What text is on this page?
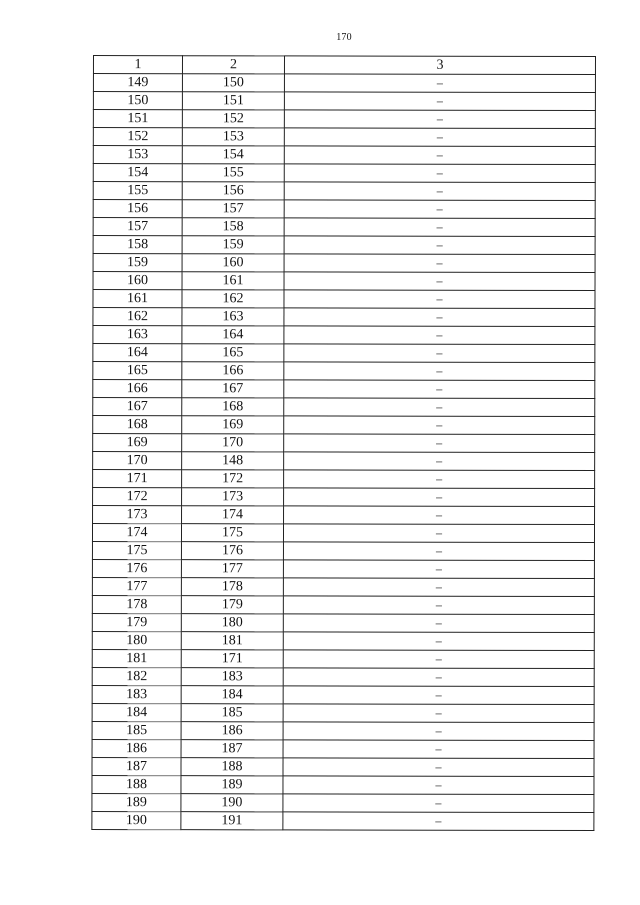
170
1	2	3
149	150	–
150	151	–
151	152	–
152	153	–
153	154	–
154	155	–
155	156	–
156	157	–
157	158	–
158	159	–
159	160	–
160	161	–
161	162	–
162	163	–
163	164	–
164	165	–
165	166	–
166	167	–
167	168	–
168	169	–
169	170	–
170	148	–
171	172	–
172	173	–
173	174	–
174	175	–
175	176	–
176	177	–
177	178	–
178	179	–
179	180	–
180	181	–
181	171	–
182	183	–
183	184	–
184	185	–
185	186	–
186	187	–
187	188	–
188	189	–
189	190	–
190	191	–
